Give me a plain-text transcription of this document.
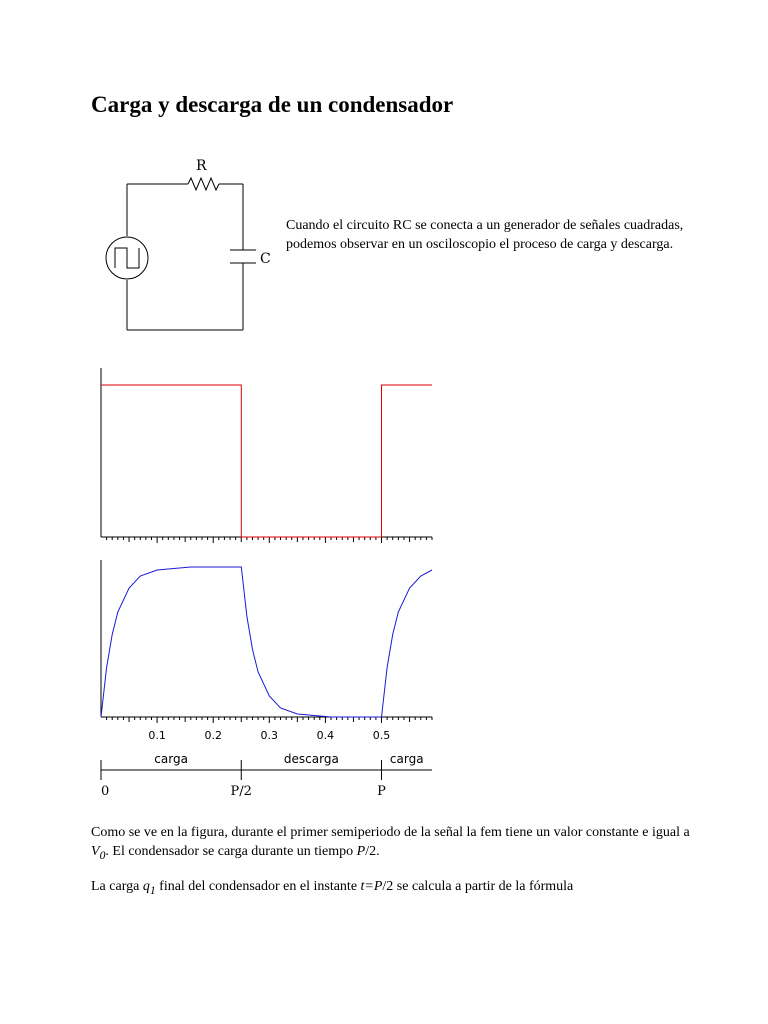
Carga y descarga de un condensador
R
C

Cuando el circuito RC se conecta a un generador de señales cuadradas, podemos observar en un osciloscopio el proceso de carga y descarga.

0.1	0.2	0.3	0.4	0.5
0	P/2	P
carga	descarga	carga

Como se ve en la figura, durante el primer semiperiodo de la señal la fem tiene un valor constante e igual a $V_0$. El condensador se carga durante un tiempo P/2.

La carga $q_1$ final del condensador en el instante t=P/2 se calcula a partir de la fórmula
